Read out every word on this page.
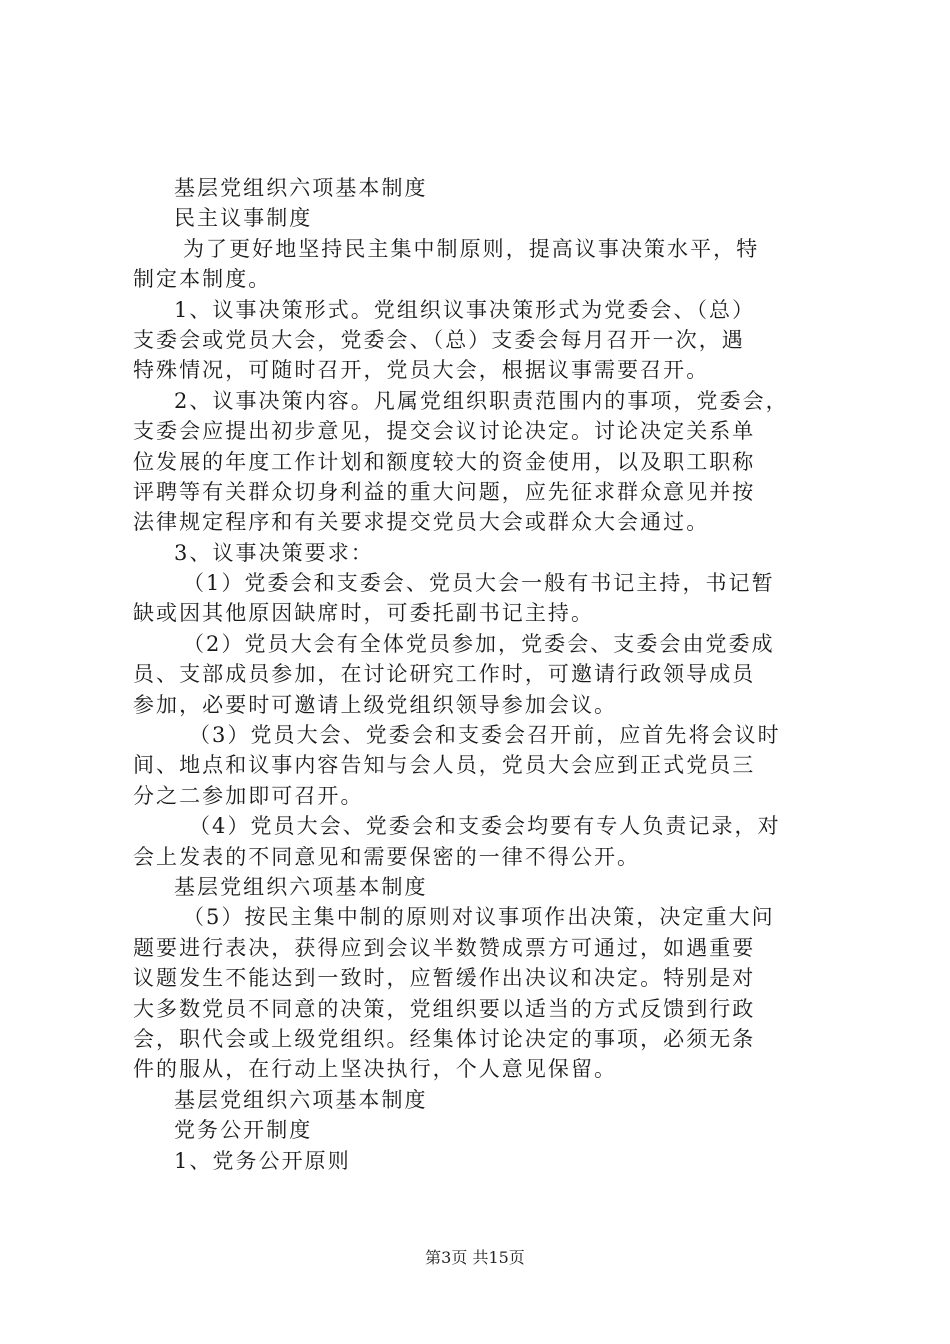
基层党组织六项基本制度
民主议事制度
为了更好地坚持民主集中制原则，提高议事决策水平，特
制定本制度。
1、议事决策形式。党组织议事决策形式为党委会、（总）
支委会或党员大会，党委会、（总）支委会每月召开一次，遇
特殊情况，可随时召开，党员大会，根据议事需要召开。
2、议事决策内容。凡属党组织职责范围内的事项，党委会，
支委会应提出初步意见，提交会议讨论决定。讨论决定关系单
位发展的年度工作计划和额度较大的资金使用，以及职工职称
评聘等有关群众切身利益的重大问题，应先征求群众意见并按
法律规定程序和有关要求提交党员大会或群众大会通过。
3、议事决策要求：
（1）党委会和支委会、党员大会一般有书记主持，书记暂
缺或因其他原因缺席时，可委托副书记主持。
（2）党员大会有全体党员参加，党委会、支委会由党委成
员、支部成员参加，在讨论研究工作时，可邀请行政领导成员
参加，必要时可邀请上级党组织领导参加会议。
（3）党员大会、党委会和支委会召开前，应首先将会议时
间、地点和议事内容告知与会人员，党员大会应到正式党员三
分之二参加即可召开。
（4）党员大会、党委会和支委会均要有专人负责记录，对
会上发表的不同意见和需要保密的一律不得公开。
基层党组织六项基本制度
（5）按民主集中制的原则对议事项作出决策，决定重大问
题要进行表决，获得应到会议半数赞成票方可通过，如遇重要
议题发生不能达到一致时，应暂缓作出决议和决定。特别是对
大多数党员不同意的决策，党组织要以适当的方式反馈到行政
会，职代会或上级党组织。经集体讨论决定的事项，必须无条
件的服从，在行动上坚决执行，个人意见保留。
基层党组织六项基本制度
党务公开制度
1、党务公开原则
第3页 共15页
